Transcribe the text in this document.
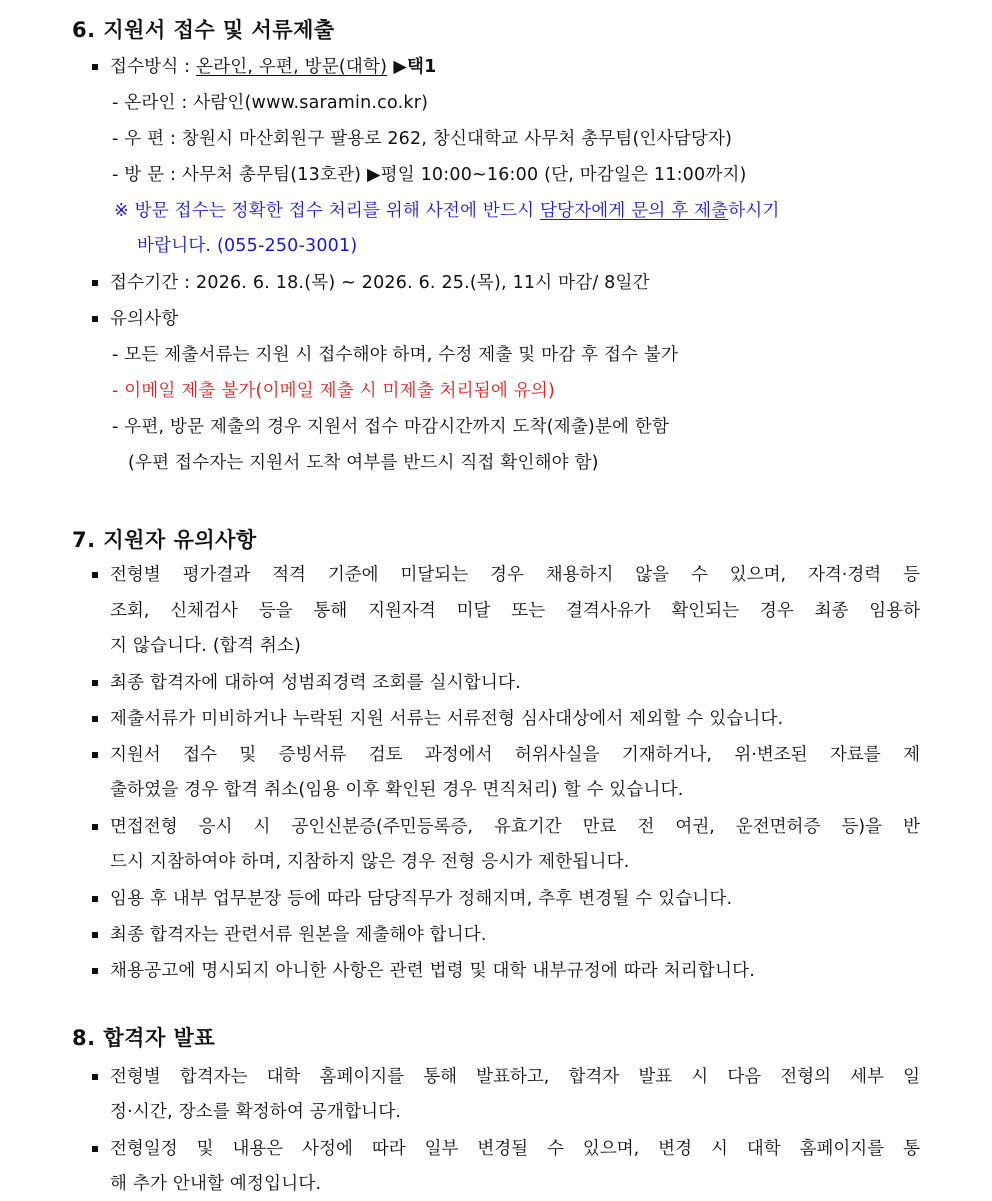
6. 지원서 접수 및 서류제출
접수방식 : 온라인, 우편, 방문(대학) ▶택1
- 온라인 : 사람인(www.saramin.co.kr)
- 우 편 : 창원시 마산회원구 팔용로 262, 창신대학교 사무처 총무팀(인사담당자)
- 방 문 : 사무처 총무팀(13호관) ▶평일 10:00~16:00 (단, 마감일은 11:00까지)
※ 방문 접수는 정확한 접수 처리를 위해 사전에 반드시 담당자에게 문의 후 제출하시기
바랍니다. (055-250-3001)
접수기간 : 2026. 6. 18.(목) ~ 2026. 6. 25.(목), 11시 마감/ 8일간
유의사항
- 모든 제출서류는 지원 시 접수해야 하며, 수정 제출 및 마감 후 접수 불가
- 이메일 제출 불가(이메일 제출 시 미제출 처리됨에 유의)
- 우편, 방문 제출의 경우 지원서 접수 마감시간까지 도착(제출)분에 한함
(우편 접수자는 지원서 도착 여부를 반드시 직접 확인해야 함)
7. 지원자 유의사항
전형별 평가결과 적격 기준에 미달되는 경우 채용하지 않을 수 있으며, 자격·경력 등
조회, 신체검사 등을 통해 지원자격 미달 또는 결격사유가 확인되는 경우 최종 임용하
지 않습니다. (합격 취소)
최종 합격자에 대하여 성범죄경력 조회를 실시합니다.
제출서류가 미비하거나 누락된 지원 서류는 서류전형 심사대상에서 제외할 수 있습니다.
지원서 접수 및 증빙서류 검토 과정에서 허위사실을 기재하거나, 위·변조된 자료를 제
출하였을 경우 합격 취소(임용 이후 확인된 경우 면직처리) 할 수 있습니다.
면접전형 응시 시 공인신분증(주민등록증, 유효기간 만료 전 여권, 운전면허증 등)을 반
드시 지참하여야 하며, 지참하지 않은 경우 전형 응시가 제한됩니다.
임용 후 내부 업무분장 등에 따라 담당직무가 정해지며, 추후 변경될 수 있습니다.
최종 합격자는 관련서류 원본을 제출해야 합니다.
채용공고에 명시되지 아니한 사항은 관련 법령 및 대학 내부규정에 따라 처리합니다.
8. 합격자 발표
전형별 합격자는 대학 홈페이지를 통해 발표하고, 합격자 발표 시 다음 전형의 세부 일
정·시간, 장소를 확정하여 공개합니다.
전형일정 및 내용은 사정에 따라 일부 변경될 수 있으며, 변경 시 대학 홈페이지를 통
해 추가 안내할 예정입니다.
